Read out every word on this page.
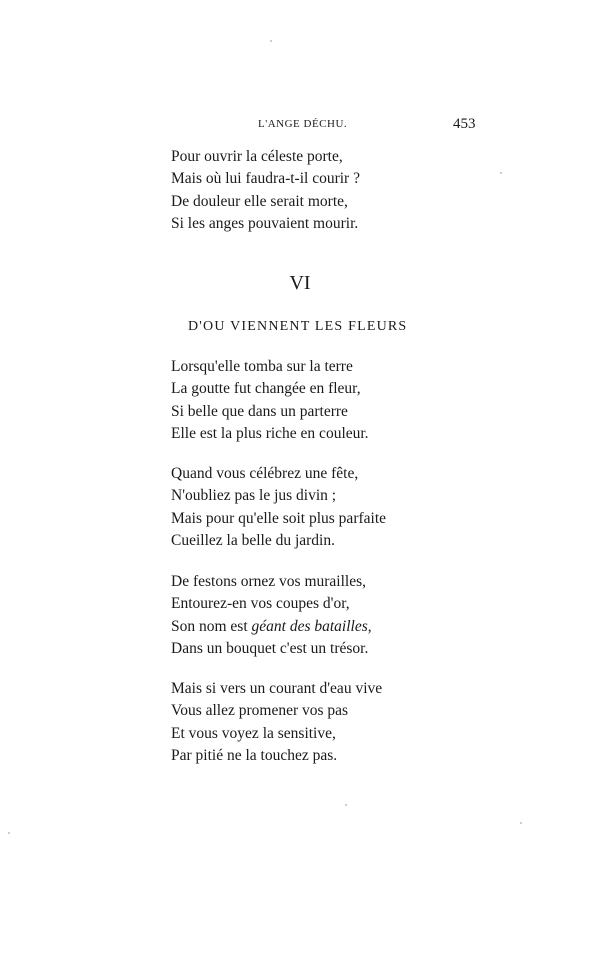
L'ANGE DÉCHU.	453
Pour ouvrir la céleste porte,
Mais où lui faudra-t-il courir ?
De douleur elle serait morte,
Si les anges pouvaient mourir.
VI
D'OU VIENNENT LES FLEURS
Lorsqu'elle tomba sur la terre
La goutte fut changée en fleur,
Si belle que dans un parterre
Elle est la plus riche en couleur.
Quand vous célébrez une fête,
N'oubliez pas le jus divin ;
Mais pour qu'elle soit plus parfaite
Cueillez la belle du jardin.
De festons ornez vos murailles,
Entourez-en vos coupes d'or,
Son nom est géant des batailles,
Dans un bouquet c'est un trésor.
Mais si vers un courant d'eau vive
Vous allez promener vos pas
Et vous voyez la sensitive,
Par pitié ne la touchez pas.
